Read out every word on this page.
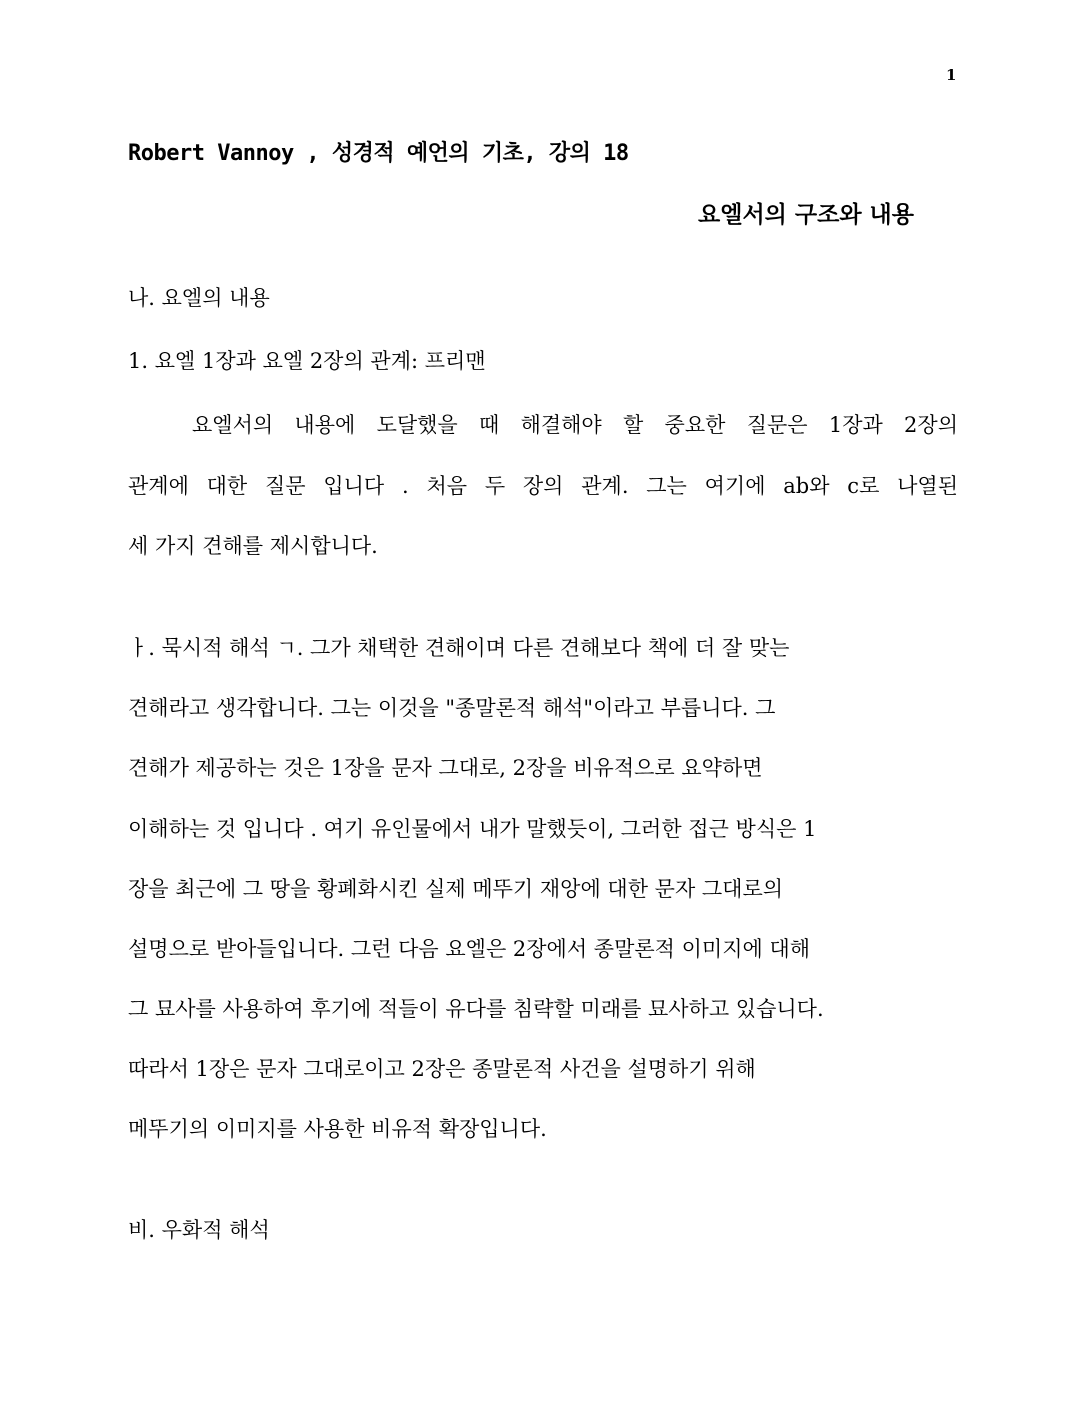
1
Robert Vannoy , 성경적 예언의 기초, 강의 18
요엘서의 구조와 내용
나. 요엘의 내용
1. 요엘 1장과 요엘 2장의 관계: 프리맨
요엘서의 내용에 도달했을 때 해결해야 할 중요한 질문은 1장과 2장의
관계에 대한 질문 입니다 . 처음 두 장의 관계. 그는 여기에 ab와 c로 나열된
세 가지 견해를 제시합니다.
ㅏ. 묵시적 해석 ㄱ. 그가 채택한 견해이며 다른 견해보다 책에 더 잘 맞는
견해라고 생각합니다. 그는 이것을 "종말론적 해석"이라고 부릅니다. 그
견해가 제공하는 것은 1장을 문자 그대로, 2장을 비유적으로 요약하면
이해하는 것 입니다 . 여기 유인물에서 내가 말했듯이, 그러한 접근 방식은 1
장을 최근에 그 땅을 황폐화시킨 실제 메뚜기 재앙에 대한 문자 그대로의
설명으로 받아들입니다. 그런 다음 요엘은 2장에서 종말론적 이미지에 대해
그 묘사를 사용하여 후기에 적들이 유다를 침략할 미래를 묘사하고 있습니다.
따라서 1장은 문자 그대로이고 2장은 종말론적 사건을 설명하기 위해
메뚜기의 이미지를 사용한 비유적 확장입니다.
비. 우화적 해석
